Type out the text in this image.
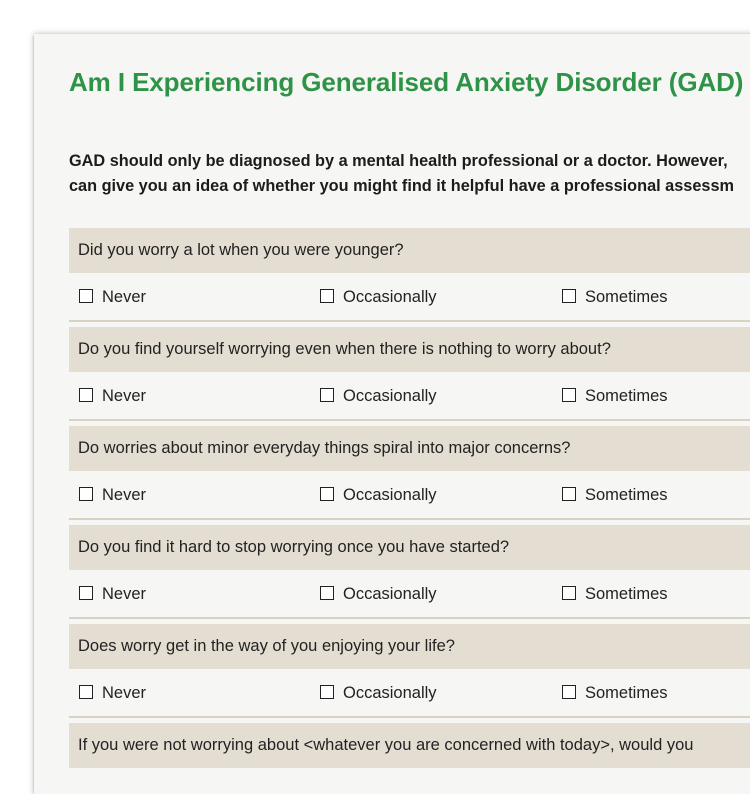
Am I Experiencing Generalised Anxiety Disorder (GAD)

GAD should only be diagnosed by a mental health professional or a doctor. However,
can give you an idea of whether you might find it helpful have a professional assessm

Did you worry a lot when you were younger?
Never	Occasionally	Sometimes
Do you find yourself worrying even when there is nothing to worry about?
Never	Occasionally	Sometimes
Do worries about minor everyday things spiral into major concerns?
Never	Occasionally	Sometimes
Do you find it hard to stop worrying once you have started?
Never	Occasionally	Sometimes
Does worry get in the way of you enjoying your life?
Never	Occasionally	Sometimes
If you were not worrying about <whatever you are concerned with today>, would you
